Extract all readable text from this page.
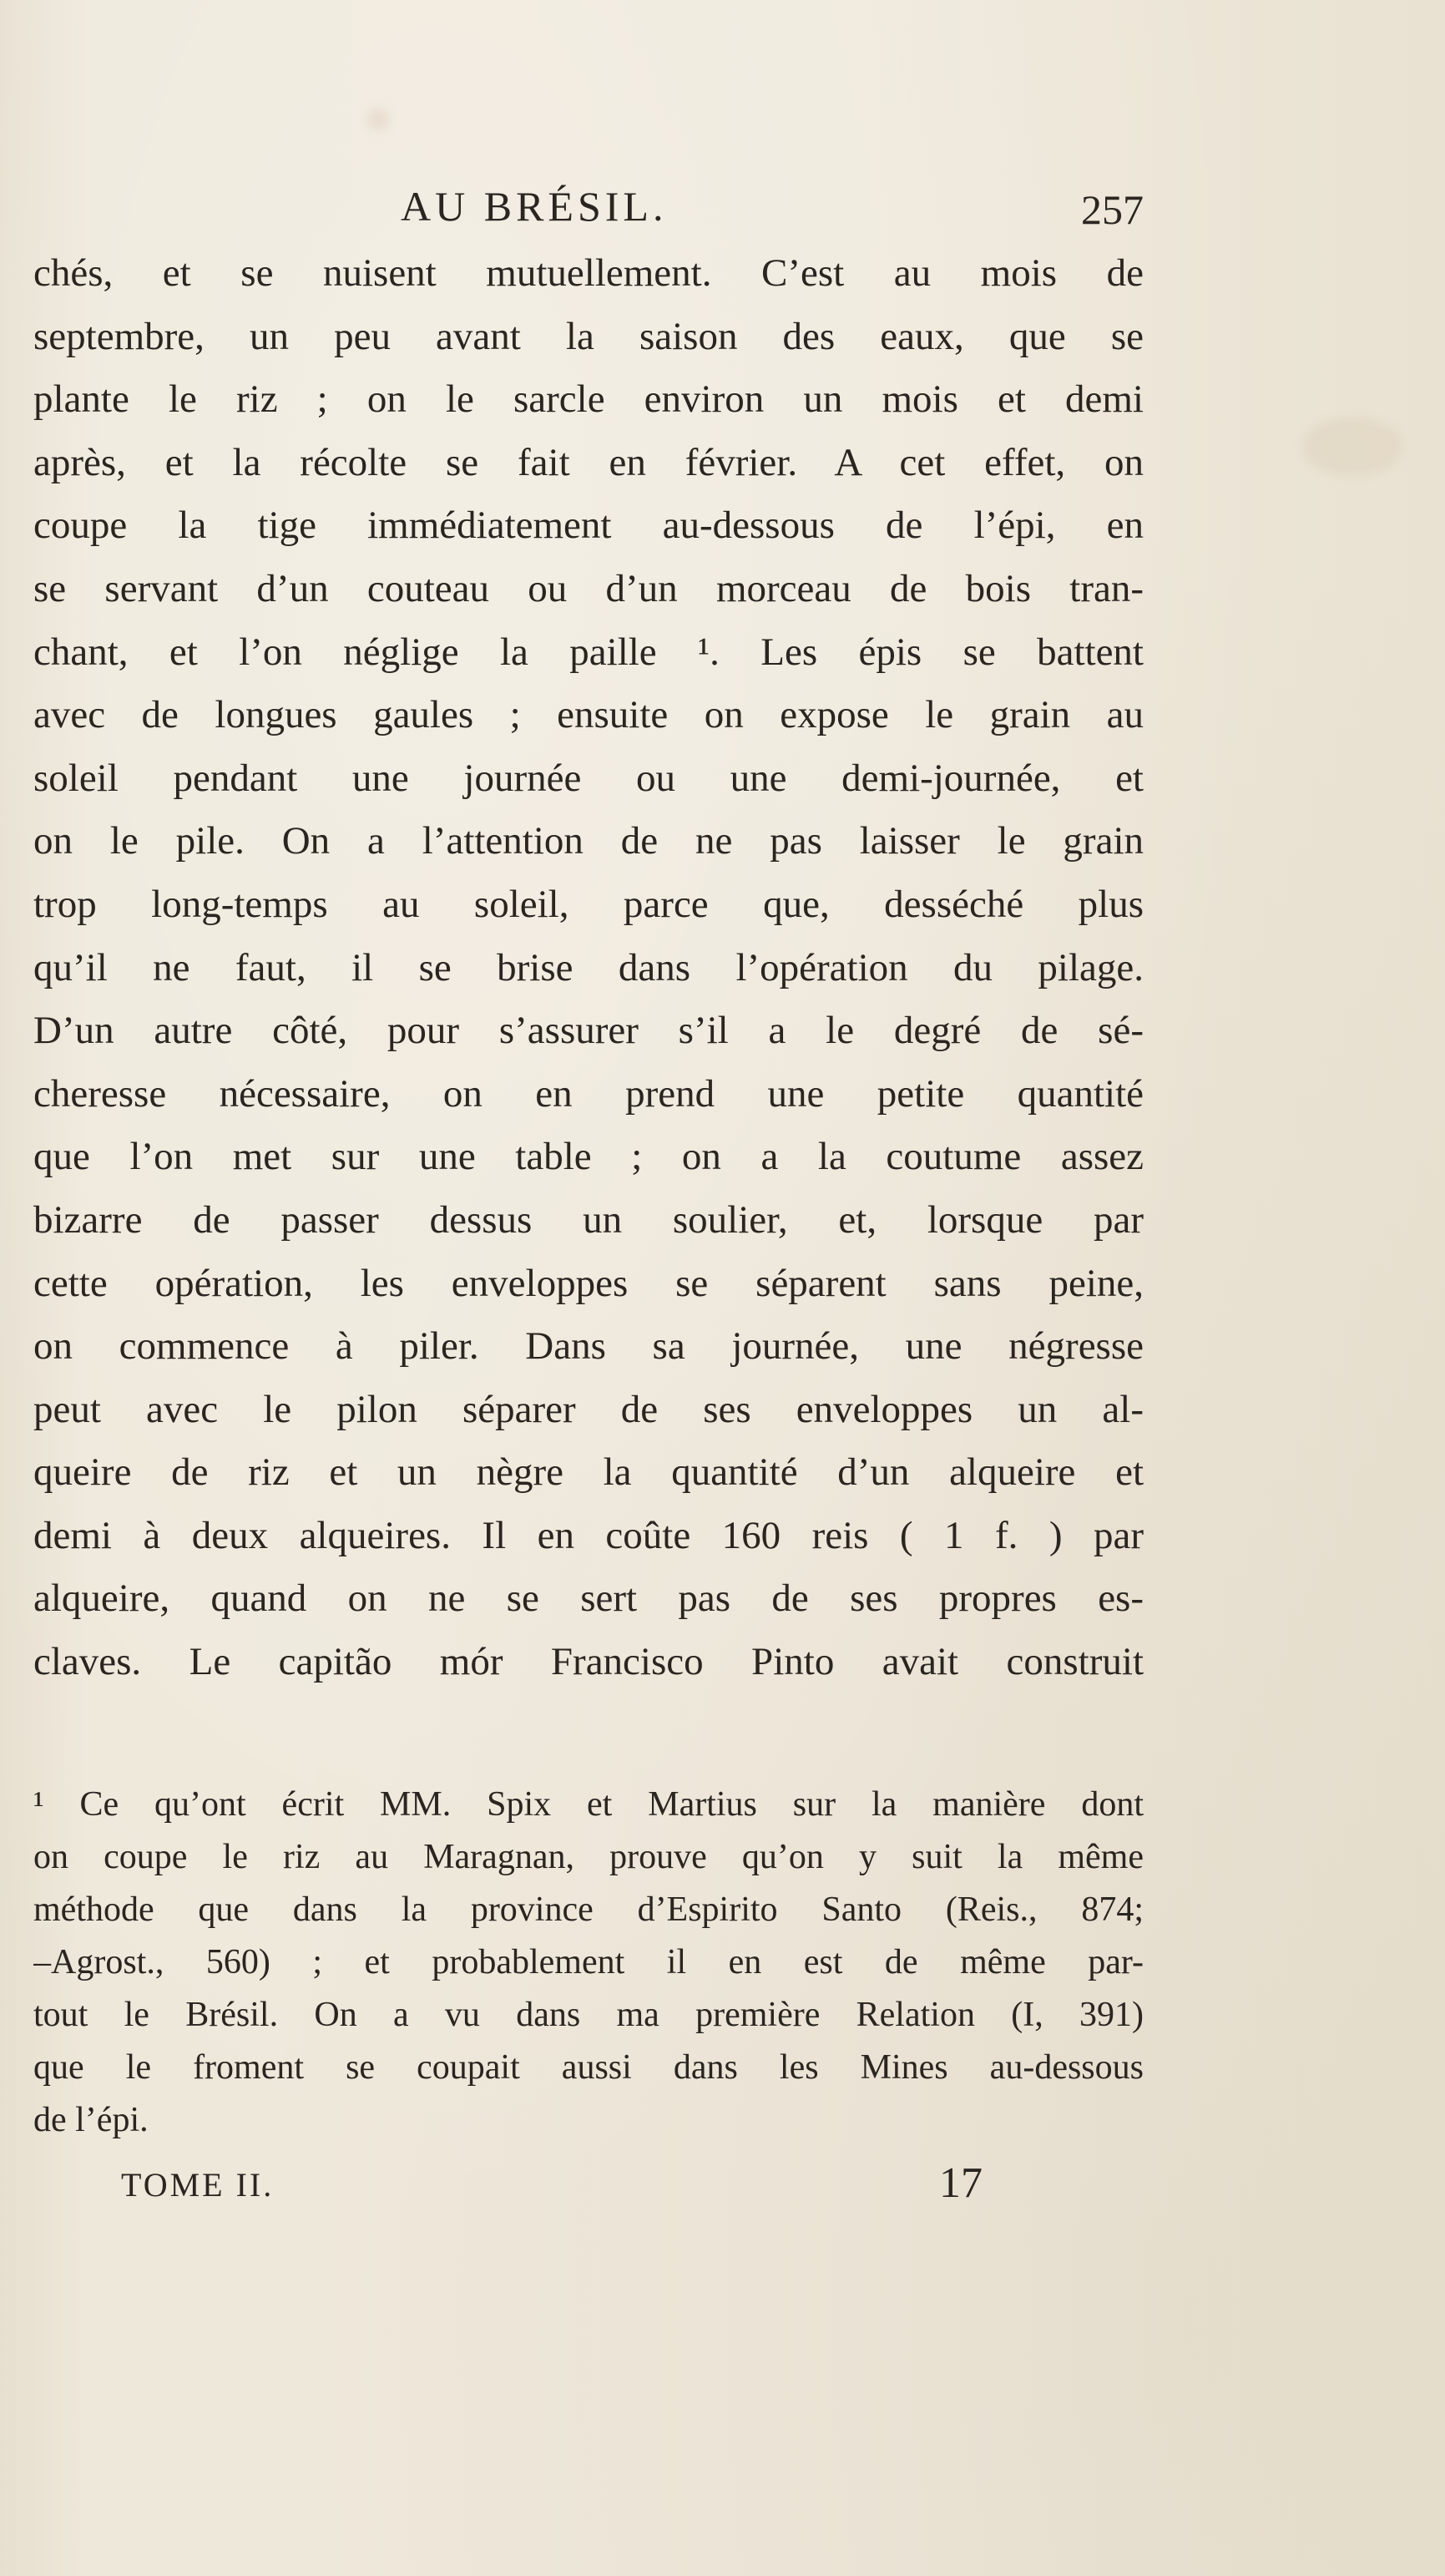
AU BRÉSIL.	257
chés, et se nuisent mutuellement. C’est au mois de
septembre, un peu avant la saison des eaux, que se
plante le riz ; on le sarcle environ un mois et demi
après, et la récolte se fait en février. A cet effet, on
coupe la tige immédiatement au-dessous de l’épi, en
se servant d’un couteau ou d’un morceau de bois tran-
chant, et l’on néglige la paille ¹. Les épis se battent
avec de longues gaules ; ensuite on expose le grain au
soleil pendant une journée ou une demi-journée, et
on le pile. On a l’attention de ne pas laisser le grain
trop long-temps au soleil, parce que, desséché plus
qu’il ne faut, il se brise dans l’opération du pilage.
D’un autre côté, pour s’assurer s’il a le degré de sé-
cheresse nécessaire, on en prend une petite quantité
que l’on met sur une table ; on a la coutume assez
bizarre de passer dessus un soulier, et, lorsque par
cette opération, les enveloppes se séparent sans peine,
on commence à piler. Dans sa journée, une négresse
peut avec le pilon séparer de ses enveloppes un al-
queire de riz et un nègre la quantité d’un alqueire et
demi à deux alqueires. Il en coûte 160 reis ( 1 f. ) par
alqueire, quand on ne se sert pas de ses propres es-
claves. Le capitão mór Francisco Pinto avait construit
¹ Ce qu’ont écrit MM. Spix et Martius sur la manière dont
on coupe le riz au Maragnan, prouve qu’on y suit la même
méthode que dans la province d’Espirito Santo (Reis., 874;
–Agrost., 560) ; et probablement il en est de même par-
tout le Brésil. On a vu dans ma première Relation (I, 391)
que le froment se coupait aussi dans les Mines au-dessous
de l’épi.
TOME II.	17
